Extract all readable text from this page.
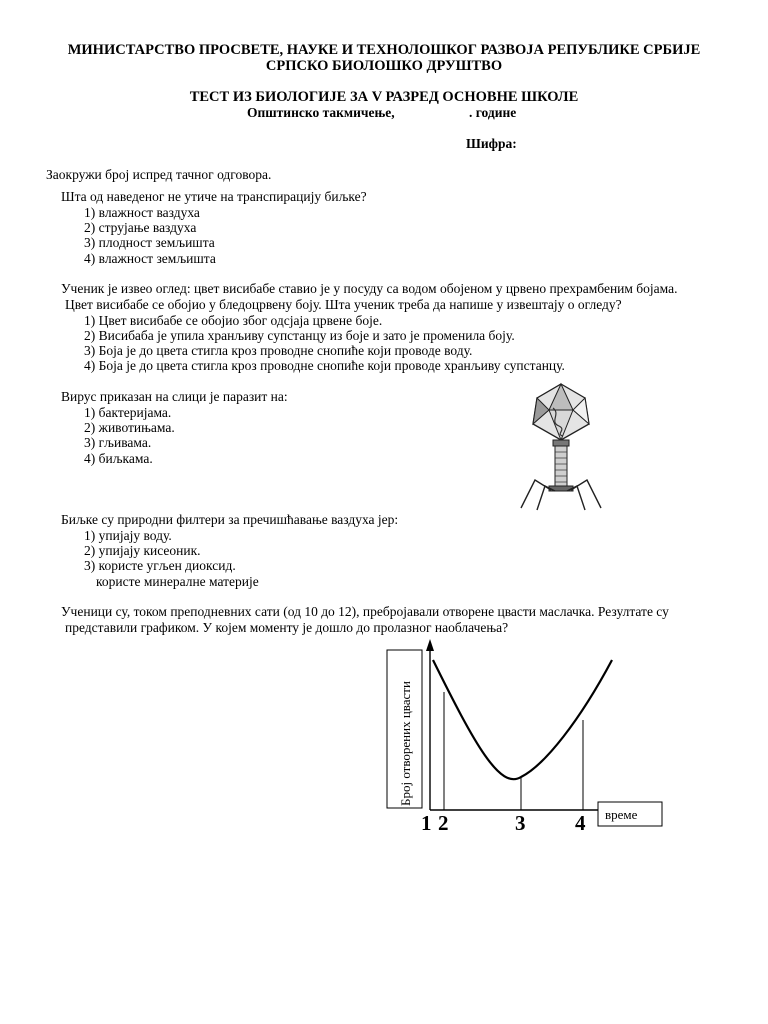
МИНИСТАРСТВО ПРОСВЕТЕ, НАУКЕ И ТЕХНОЛОШКОГ РАЗВОЈА РЕПУБЛИКЕ СРБИЈЕ
СРПСКО БИОЛОШКО ДРУШТВО
ТЕСТ ИЗ БИОЛОГИЈЕ ЗА V РАЗРЕД ОСНОВНЕ ШКОЛЕ
Општинско такмичење,	. године
Шифра:
Заокружи број испред тачног одговора.
Шта од наведеног не утиче на транспирацију биљке?
1) влажност ваздуха
2) струјање ваздуха
3) плодност земљишта
4) влажност земљишта
Ученик је извео оглед: цвет висибабе ставио је у посуду са водом обојеном у црвено прехрамбеним бојама.
Цвет висибабе се обојио у бледоцрвену боју. Шта ученик треба да напише у извештају о огледу?
1) Цвет висибабе се обојио због одсјаја црвене боје.
2) Висибаба је упила хранљиву супстанцу из боје и зато је променила боју.
3) Боја је до цвета стигла кроз проводне снопиће који проводе воду.
4) Боја је до цвета стигла кроз проводне снопиће који проводе хранљиву супстанцу.
Вирус приказан на слици је паразит на:
1) бактеријама.
2) животињама.
3) гљивама.
4) биљкама.
Биљке су природни филтери за пречишћавање ваздуха јер:
1) упијају воду.
2) упијају кисеоник.
3) користе угљен диоксид.
користе минералне материје
Ученици су, током преподневних сати (од 10 до 12), пребројавали отворене цвасти маслачка. Резултате су
представили графиком. У којем моменту је дошло до пролазног наоблачења?
Број отворених цвасти
време
1 2	3 4
